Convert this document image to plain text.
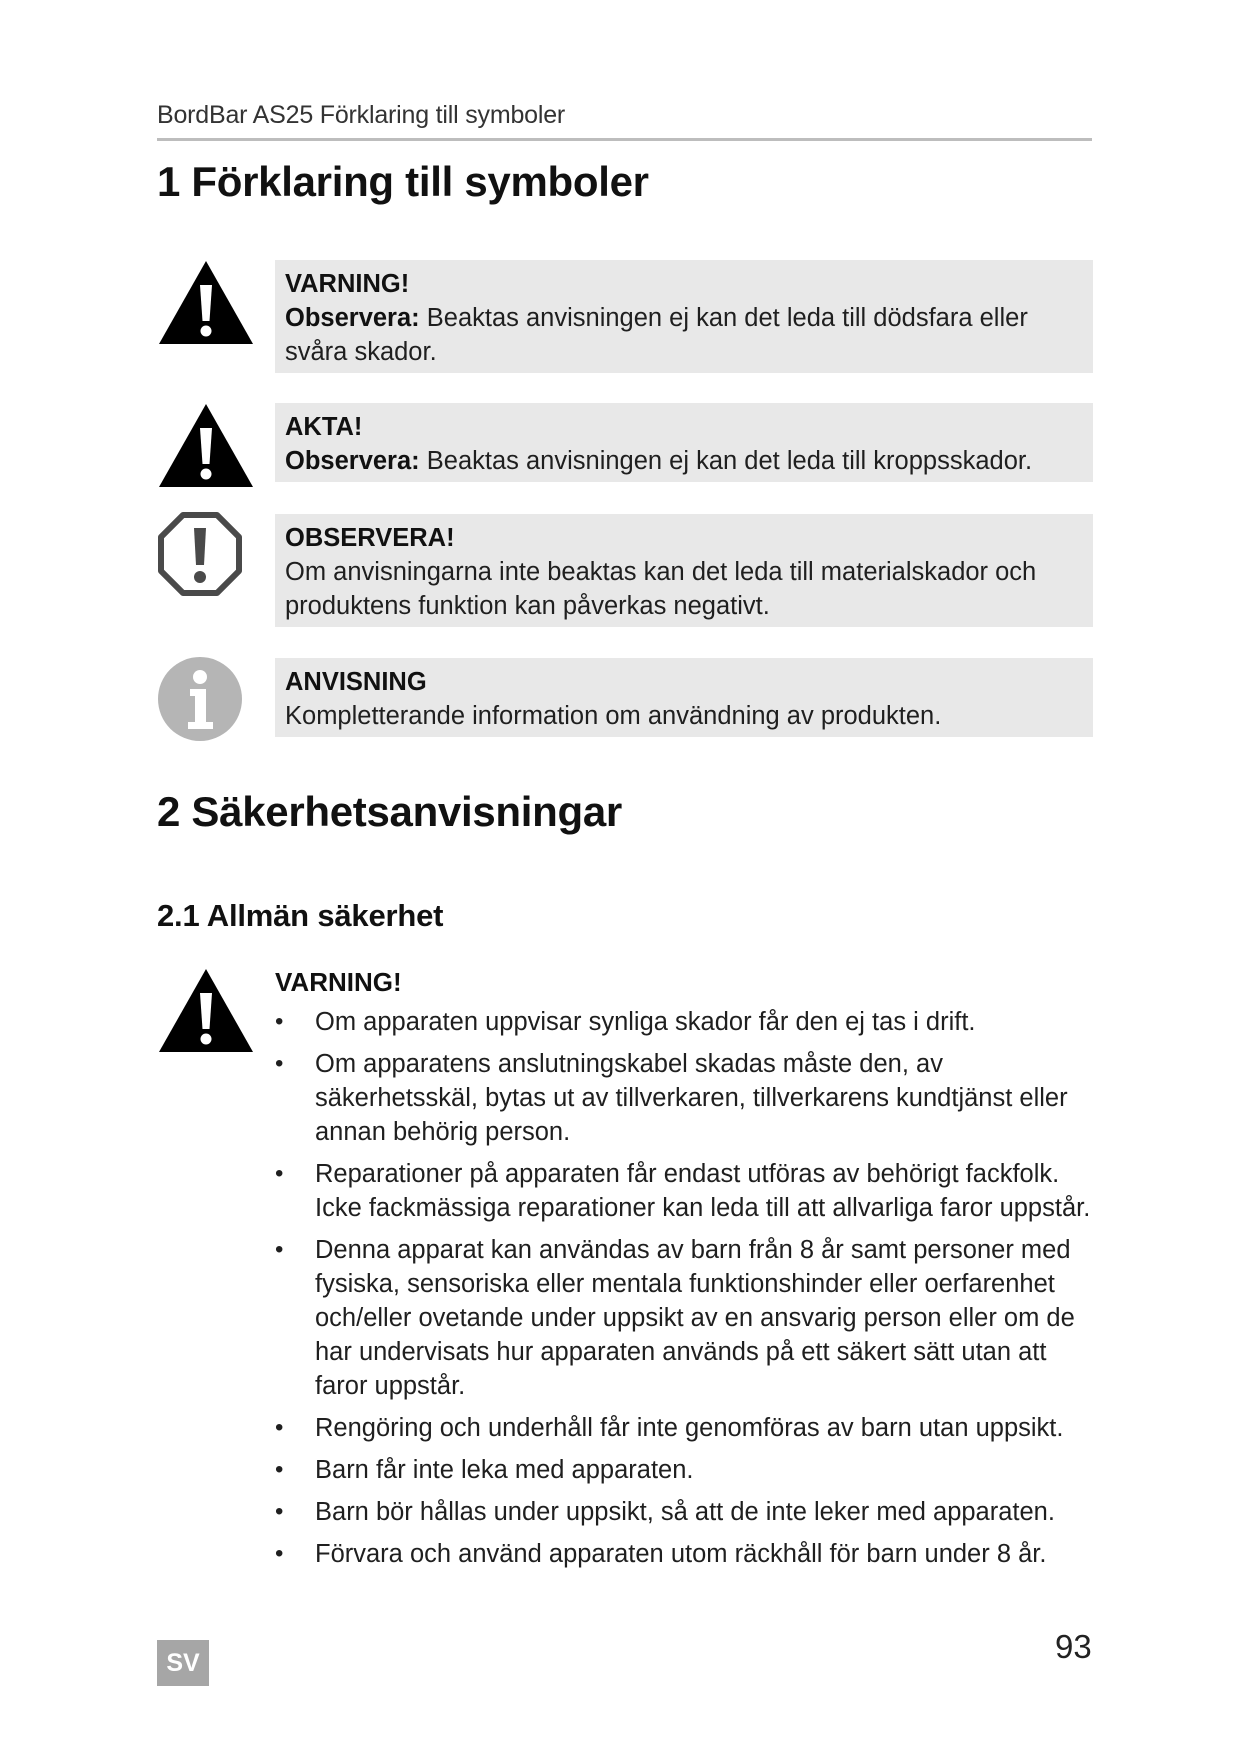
BordBar AS25 Förklaring till symboler
1 Förklaring till symboler
VARNING!
Observera: Beaktas anvisningen ej kan det leda till dödsfara eller svåra skador.
AKTA!
Observera: Beaktas anvisningen ej kan det leda till kroppsskador.
OBSERVERA!
Om anvisningarna inte beaktas kan det leda till materialskador och produktens funktion kan påverkas negativt.
ANVISNING
Kompletterande information om användning av produkten.
2 Säkerhetsanvisningar
2.1 Allmän säkerhet
VARNING!
• Om apparaten uppvisar synliga skador får den ej tas i drift.
• Om apparatens anslutningskabel skadas måste den, av säkerhetsskäl, bytas ut av tillverkaren, tillverkarens kundtjänst eller annan behörig person.
• Reparationer på apparaten får endast utföras av behörigt fackfolk. Icke fackmässiga reparationer kan leda till att allvarliga faror uppstår.
• Denna apparat kan användas av barn från 8 år samt personer med fysiska, sensoriska eller mentala funktionshinder eller oerfarenhet och/eller ovetande under uppsikt av en ansvarig person eller om de har undervisats hur apparaten används på ett säkert sätt utan att faror uppstår.
• Rengöring och underhåll får inte genomföras av barn utan uppsikt.
• Barn får inte leka med apparaten.
• Barn bör hållas under uppsikt, så att de inte leker med apparaten.
• Förvara och använd apparaten utom räckhåll för barn under 8 år.
SV	93
